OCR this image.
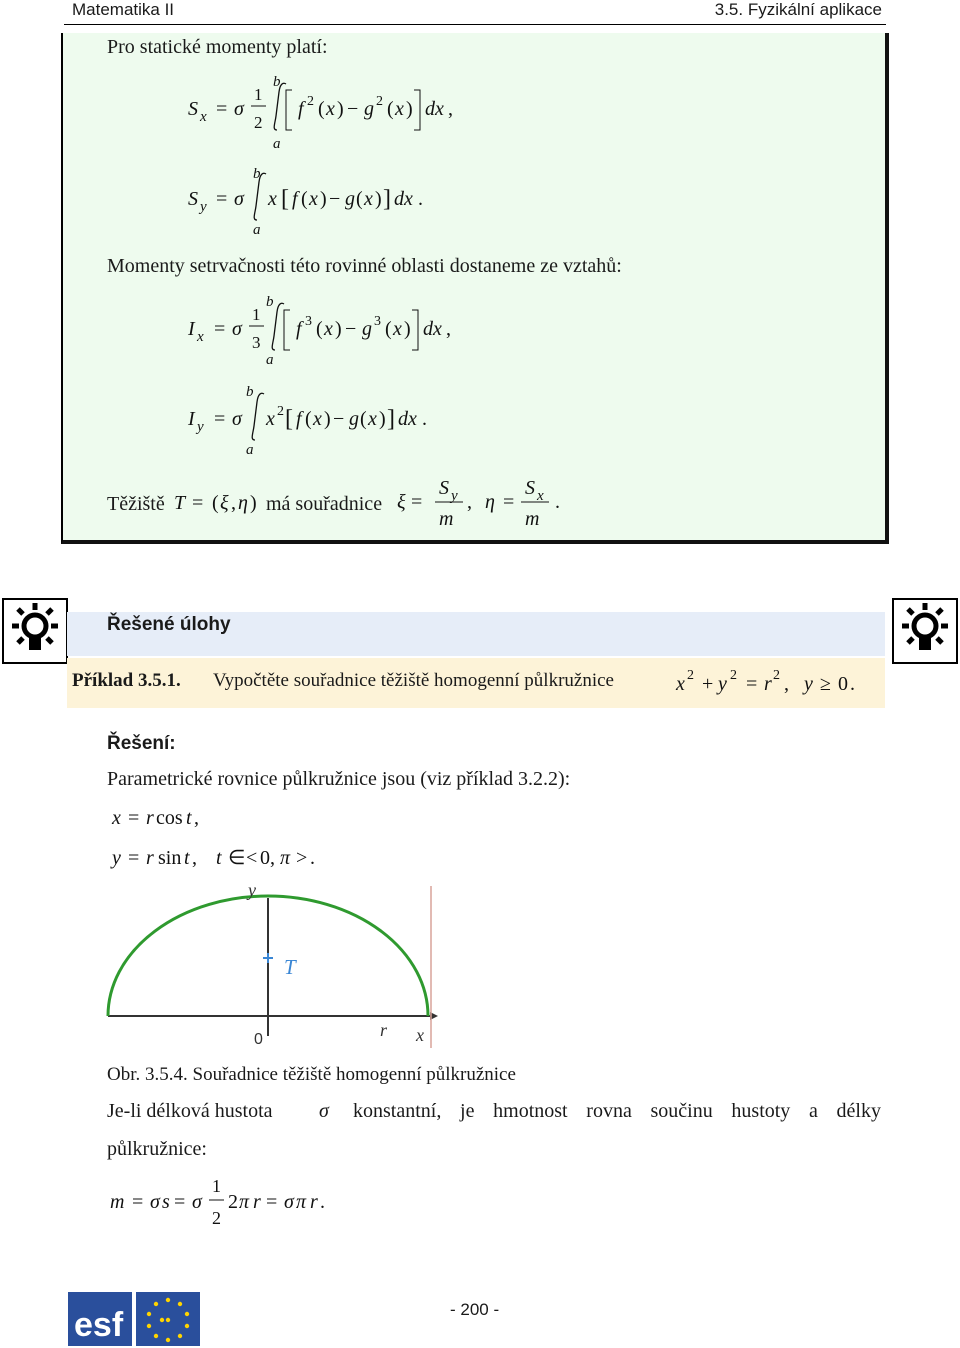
Matematika II	3.5. Fyzikální aplikace
Pro statické momenty platí:
S x = σ
1
2
b
a
f 2 ( x ) − g 2 ( x ) dx ,
S y = σ
b
a
x [ f ( x ) − g ( x ) ] dx .
Momenty setrvačnosti této rovinné oblasti dostaneme ze vztahů:
I x = σ
1
3
b
a
f 3 ( x ) − g 3 ( x ) dx ,
I y = σ
b
a
x 2 [ f ( x ) − g ( x ) ] dx .
Těžiště T = ( ξ , η ) má souřadnice ξ =
S y
m
, η =
S x
m
.
Řešené úlohy
Příklad 3.5.1. Vypočtěte souřadnice těžiště homogenní půlkružnice	x 2 + y 2 = r 2 , y ≥ 0 .
Řešení:
Parametrické rovnice půlkružnice jsou (viz příklad 3.2.2):
x = r cos t ,
y = r sin t , t ∈ < 0, π > .
y
x
0	r
T
Obr. 3.5.4. Souřadnice těžiště homogenní půlkružnice
Je-li délková hustota σ konstantní, je hmotnost rovna součinu hustoty a délky
půlkružnice:
m = σ s = σ
1
2
2 π r = σ π r .
esf	- 200 -
